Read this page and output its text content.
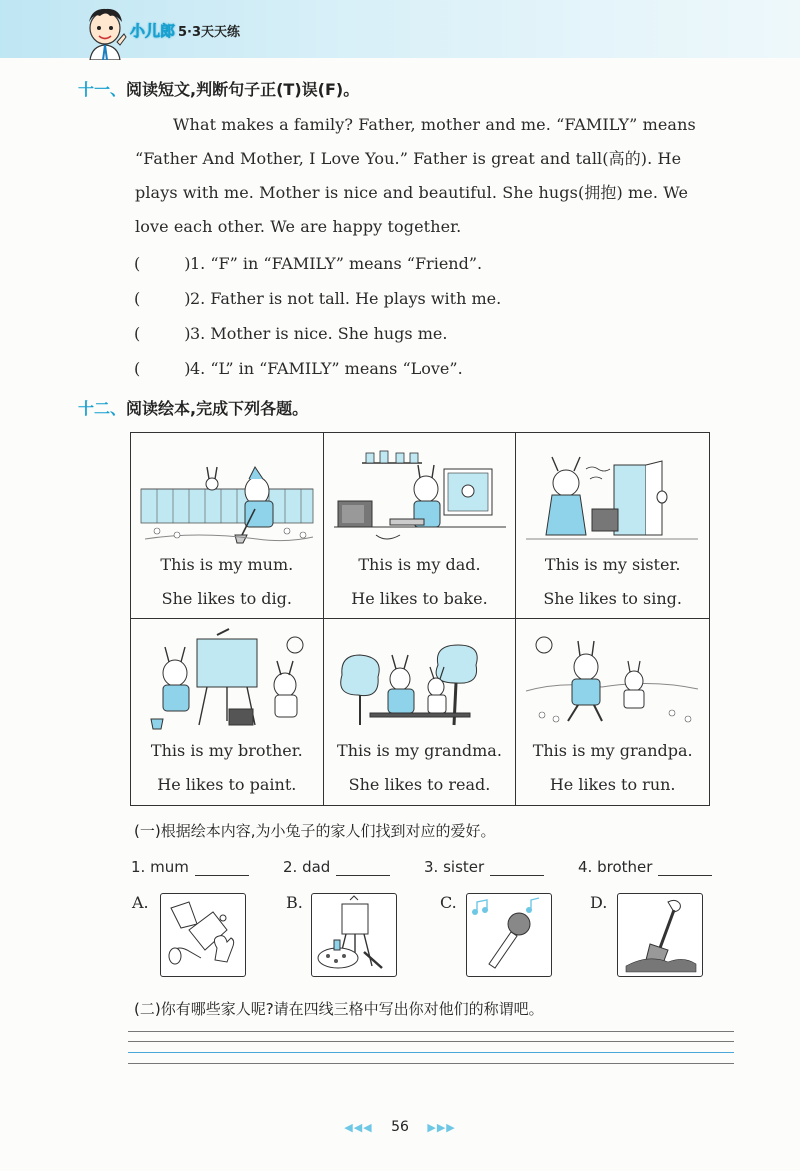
小儿郎 5·3天天练
十一、阅读短文,判断句子正(T)误(F)。
What makes a family? Father, mother and me. “FAMILY” means
“Father And Mother, I Love You.” Father is great and tall(高的). He
plays with me. Mother is nice and beautiful. She hugs(拥抱) me. We
love each other. We are happy together.
(	)1. “F” in “FAMILY” means “Friend”.
(	)2. Father is not tall. He plays with me.
(	)3. Mother is nice. She hugs me.
(	)4. “L” in “FAMILY” means “Love”.
十二、阅读绘本,完成下列各题。
This is my mum.
She likes to dig.
This is my dad.
He likes to bake.
This is my sister.
She likes to sing.
This is my brother.
He likes to paint.
This is my grandma.
She likes to read.
This is my grandpa.
He likes to run.
(一)根据绘本内容,为小兔子的家人们找到对应的爱好。
1. mum	2. dad	3. sister	4. brother
A.	B.	C.	D.
(二)你有哪些家人呢?请在四线三格中写出你对他们的称谓吧。
◀◀◀ 56 ▶▶▶
